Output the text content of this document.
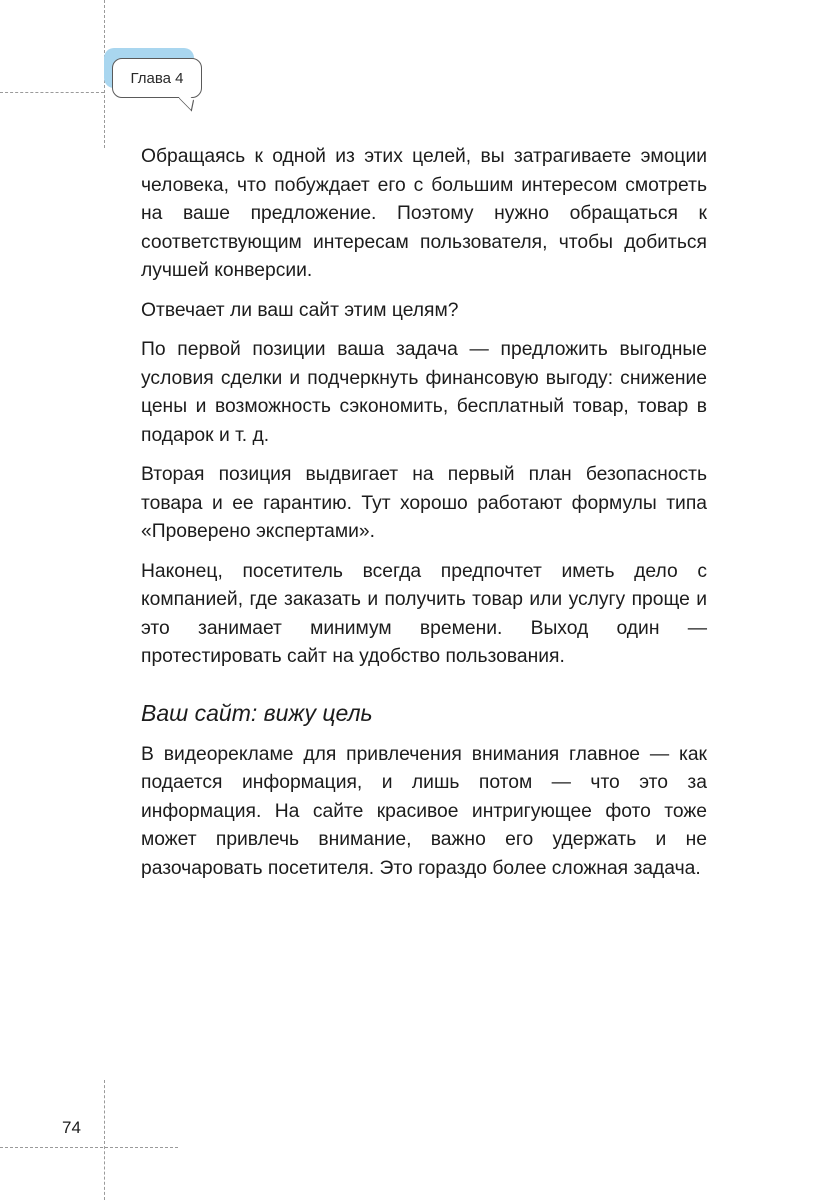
Глава 4

Обращаясь к одной из этих целей, вы затрагиваете эмоции человека, что побуждает его с большим интересом смотреть на ваше предложение. Поэтому нужно обращаться к соответствующим интересам пользователя, чтобы добиться лучшей конверсии.

Отвечает ли ваш сайт этим целям?

По первой позиции ваша задача — предложить выгодные условия сделки и подчеркнуть финансовую выгоду: снижение цены и возможность сэкономить, бесплатный товар, товар в подарок и т. д.

Вторая позиция выдвигает на первый план безопасность товара и ее гарантию. Тут хорошо работают формулы типа «Проверено экспертами».

Наконец, посетитель всегда предпочтет иметь дело с компанией, где заказать и получить товар или услугу проще и это занимает минимум времени. Выход один — протестировать сайт на удобство пользования.

Ваш сайт: вижу цель

В видеорекламе для привлечения внимания главное — как подается информация, и лишь потом — что это за информация. На сайте красивое интригующее фото тоже может привлечь внимание, важно его удержать и не разочаровать посетителя. Это гораздо более сложная задача.

74
